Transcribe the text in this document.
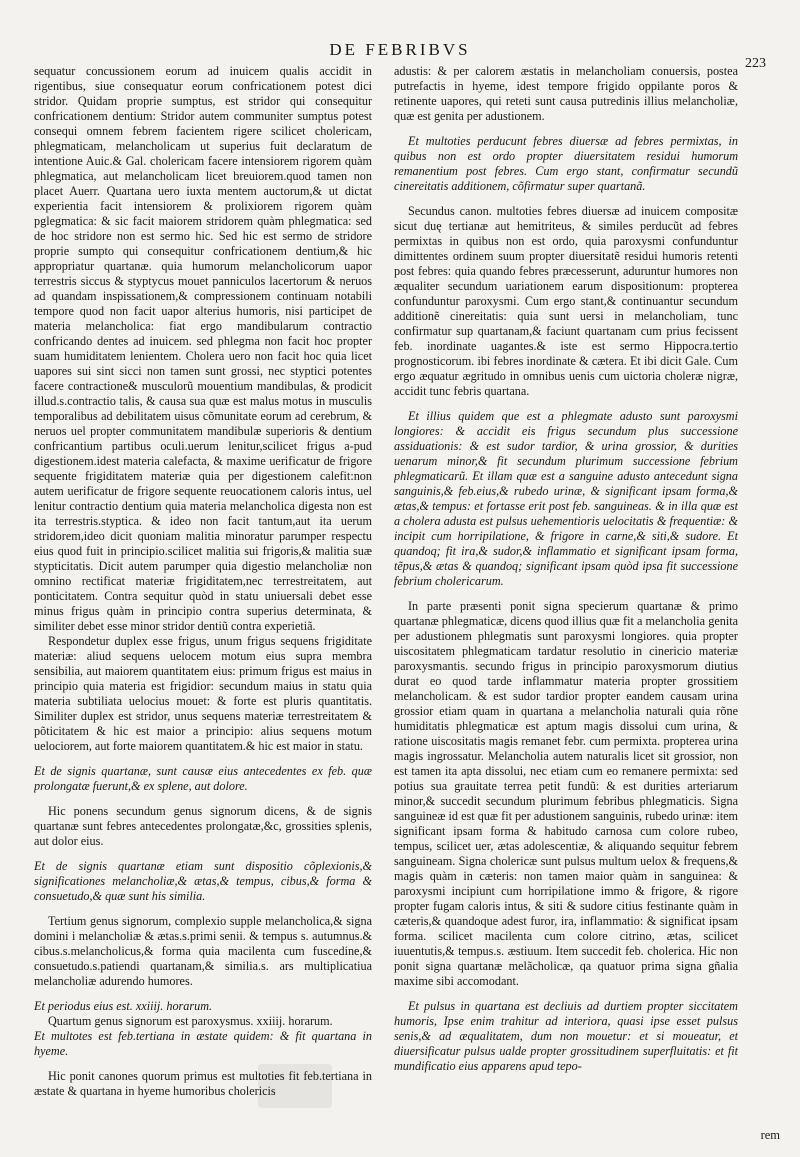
DE FEBRIBVS
223

sequatur concussionem eorum ad inuicem qualis accidit in rigentibus, siue consequatur eorum confricationem potest dici stridor. Quidam proprie sumptus, est stridor qui consequitur confricationem dentium: Stridor autem communiter sumptus potest consequi omnem febrem facientem rigere scilicet cholericam, phlegmaticam, melancholicam ut superius fuit declaratum de intentione Auic.& Gal. cholericam facere intensiorem rigorem quàm phlegmatica, aut melancholicam licet breuiorem.quod tamen non placet Auerr. Quartana uero iuxta mentem auctorum,& ut dictat experientia facit intensiorem & prolixiorem rigorem quàm pglegmatica: & sic facit maiorem stridorem quàm phlegmatica: sed de hoc stridore non est sermo hic. Sed hic est sermo de stridore proprie sumpto qui consequitur confricationem dentium,& hic appropriatur quartanæ. quia humorum melancholicorum uapor terrestris siccus & styptycus mouet panniculos lacertorum & neruos ad quandam inspissationem,& compressionem continuam notabili tempore quod non facit uapor alterius humoris, nisi participet de materia melancholica: fiat ergo mandibularum contractio confricando dentes ad inuicem. sed phlegma non facit hoc propter suam humiditatem lenientem. Cholera uero non facit hoc quia licet uapores sui sint sicci non tamen sunt grossi, nec styptici potentes facere contractione& musculorũ mouentium mandibulas, & prodicit illud.s.contractio talis, & causa sua quæ est malus motus in musculis temporalibus ad debilitatem uisus cõmunitate eorum ad cerebrum, & neruos uel propter communitatem mandibulæ superioris & dentium confricantium partibus oculi.uerum lenitur,scilicet frigus a-pud digestionem.idest materia calefacta, & maxime uerificatur de frigore sequente frigiditatem materiæ quia per digestionem calefit:non autem uerificatur de frigore sequente reuocationem caloris intus, uel lenitur contractio dentium quia materia melancholica digesta non est ita terrestris.styptica. & ideo non facit tantum,aut ita uerum stridorem,ideo dicit quoniam malitia minoratur parumper respectu eius quod fuit in principio.scilicet malitia sui frigoris,& malitia suæ stypticitatis. Dicit autem parumper quia digestio melancholiæ non omnino rectificat materiæ frigiditatem,nec terrestreitatem, aut ponticitatem. Contra sequitur quòd in statu uniuersali debet esse minus frigus quàm in principio contra superius determinata, & similiter debet esse minor stridor dentiũ contra experietiã.

Respondetur duplex esse frigus, unum frigus sequens frigiditate materiæ: aliud sequens uelocem motum eius supra membra sensibilia, aut maiorem quantitatem eius: primum frigus est maius in principio quia materia est frigidior: secundum maius in statu quia materia subtiliata uelocius mouet: & forte est pluris quantitatis. Similiter duplex est stridor, unus sequens materiæ terrestreitatem & põticitatem & hic est maior a principio: alius sequens motum uelociorem, aut forte maiorem quantitatem.& hic est maior in statu.

Et de signis quartanæ, sunt causæ eius antecedentes ex feb. quæ prolongatæ fuerunt,& ex splene, aut dolore.

Hic ponens secundum genus signorum dicens, & de signis quartanæ sunt febres antecedentes prolongatæ,&c, grossities splenis, aut dolor eius.

Et de signis quartanæ etiam sunt dispositio cõplexionis,& significationes melancholiæ,& ætas,& tempus, cibus,& forma & consuetudo,& quæ sunt his similia.

Tertium genus signorum, complexio supple melancholica,& signa domini i melancholiæ & ætas.s.primi senii. & tempus s. autumnus.& cibus.s.melancholicus,& forma quia macilenta cum fuscedine,& consuetudo.s.patiendi quartanam,& similia.s. ars multiplicatiua melancholiæ adurendo humores.

Et periodus eius est. xxiiij. horarum.

Quartum genus signorum est paroxysmus. xxiiij. horarum.

Et multotes est feb.tertiana in æstate quidem: & fit quartana in hyeme.

Hic ponit canones quorum primus est multoties fit feb.tertiana in æstate & quartana in hyeme humoribus cholericis

adustis: & per calorem æstatis in melancholiam conuersis, postea putrefactis in hyeme, idest tempore frigido oppilante poros & retinente uapores, qui reteti sunt causa putredinis illius melancholiæ, quæ est genita per adustionem.

Et multoties perducunt febres diuersæ ad febres permixtas, in quibus non est ordo propter diuersitatem residui humorum remanentium post febres. Cum ergo stant, confirmatur secundũ cinereitatis additionem, cõfirmatur super quartanã.

Secundus canon. multoties febres diuersæ ad inuicem compositæ sicut duę tertianæ aut hemitriteus, & similes perducũt ad febres permixtas in quibus non est ordo, quia paroxysmi confunduntur dimittentes ordinem suum propter diuersitatẽ residui humoris retenti post febres: quia quando febres præcesserunt, aduruntur humores non æqualiter secundum uariationem earum dispositionum: propterea confunduntur paroxysmi. Cum ergo stant,& continuantur secundum additionẽ cinereitatis: quia sunt uersi in melancholiam, tunc confirmatur sup quartanam,& faciunt quartanam cum prius fecissent feb. inordinate uagantes.& iste est sermo Hippocra.tertio prognosticorum. ibi febres inordinate & cætera. Et ibi dicit Gale. Cum ergo æquatur ægritudo in omnibus uenis cum uictoria choleræ nigræ, accidit tunc febris quartana.

Et illius quidem que est a phlegmate adusto sunt paroxysmi longiores: & accidit eis frigus secundum plus successione assiduationis: & est sudor tardior, & urina grossior, & durities uenarum minor,& fit secundum plurimum successione febrium phlegmaticarũ. Et illam quæ est a sanguine adusto antecedunt signa sanguinis,& feb.eius,& rubedo urinæ, & significant ipsam forma,& ætas,& tempus: et fortasse erit post feb. sanguineas. & in illa quæ est a cholera adusta est pulsus uehementioris uelocitatis & frequentiæ: & incipit cum horripilatione, & frigore in carne,& siti,& sudore. Et quandoq; fit ira,& sudor,& inflammatio et significant ipsam forma, tẽpus,& ætas & quandoq; significant ipsam quòd ipsa fit successione febrium cholericarum.

In parte præsenti ponit signa specierum quartanæ & primo quartanæ phlegmaticæ, dicens quod illius quæ fit a melancholia genita per adustionem phlegmatis sunt paroxysmi longiores. quia propter uiscositatem phlegmaticam tardatur resolutio in cinericio materiæ paroxysmantis. secundo frigus in principio paroxysmorum diutius durat eo quod tarde inflammatur materia propter grossitiem melancholicam. & est sudor tardior propter eandem causam urina grossior etiam quam in quartana a melancholia naturali quia rõne humiditatis phlegmaticæ est aptum magis dissolui cum urina, & ratione uiscositatis magis remanet febr. cum permixta. propterea urina magis ingrossatur. Melancholia autem naturalis licet sit grossior, non est tamen ita apta dissolui, nec etiam cum eo remanere permixta: sed potius sua grauitate terrea petit fundũ: & est durities arteriarum minor,& succedit secundum plurimum febribus phlegmaticis. Signa sanguineæ id est quæ fit per adustionem sanguinis, rubedo urinæ: item significant ipsam forma & habitudo carnosa cum colore rubeo, tempus, scilicet uer, ætas adolescentiæ, & aliquando sequitur febrem sanguineam. Signa cholericæ sunt pulsus multum uelox & frequens,& magis quàm in cæteris: non tamen maior quàm in sanguinea: & paroxysmi incipiunt cum horripilatione immo & frigore, & rigore propter fugam caloris intus, & siti & sudore citius festinante quàm in cæteris,& quandoque adest furor, ira, inflammatio: & significat ipsam forma. scilicet macilenta cum colore citrino, ætas, scilicet iuuentutis,& tempus.s. æstiuum. Item succedit feb. cholerica. Hic non ponit signa quartanæ melãcholicæ, qa quatuor prima signa gñalia maxime sibi accomodant.

Et pulsus in quartana est decliuis ad durtiem propter siccitatem humoris, Ipse enim trahitur ad interiora, quasi ipse esset pulsus senis,& ad æqualitatem, dum non mouetur: et si moueatur, et diuersificatur pulsus ualde propter grossitudinem superfluitatis: et fit mundificatio eius apparens apud tepo-

rem
